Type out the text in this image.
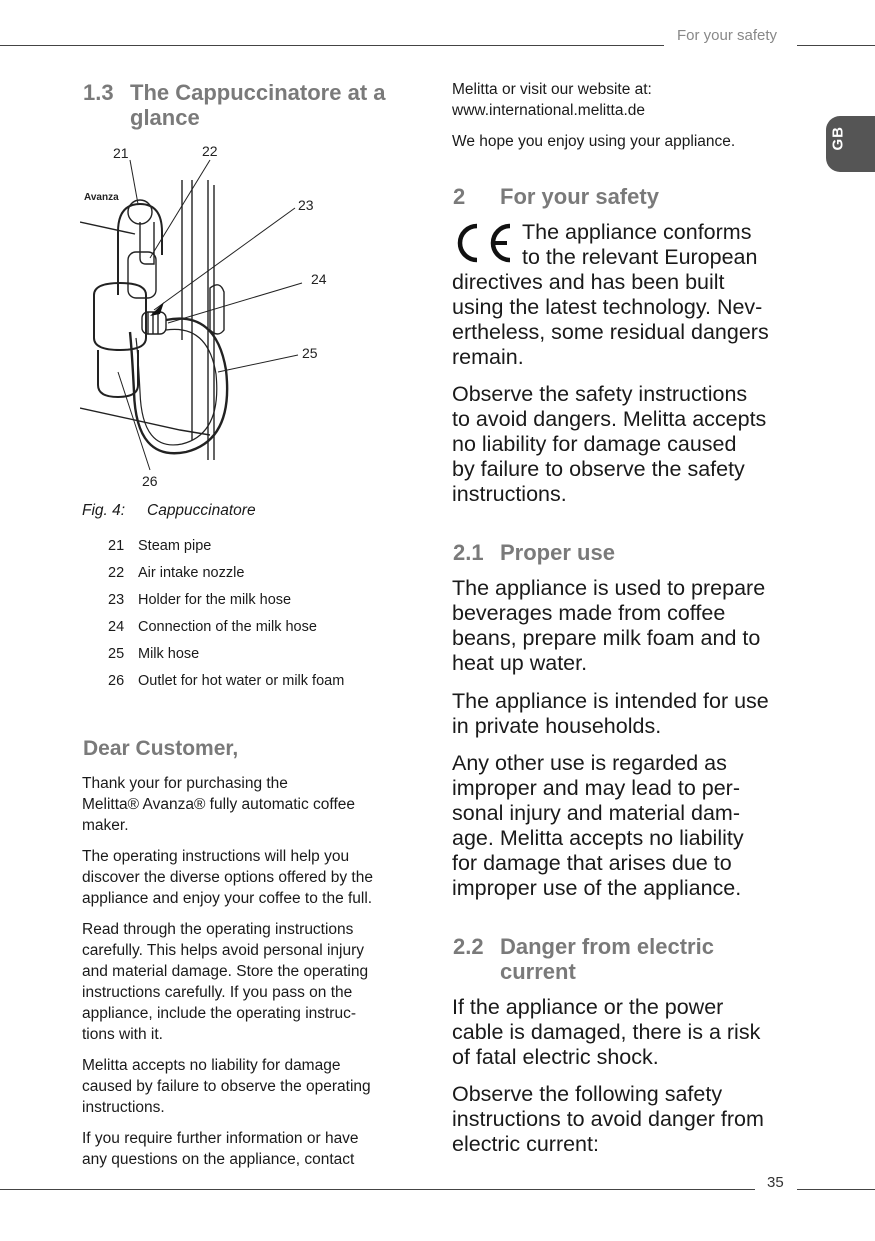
For your safety
GB
1.3 The Cappuccinatore at a
glance
Avanza
21	22
23
24
25
26
Fig. 4: Cappuccinatore
21 Steam pipe
22 Air intake nozzle
23 Holder for the milk hose
24 Connection of the milk hose
25 Milk hose
26 Outlet for hot water or milk foam
Dear Customer,

Thank your for purchasing the

Melitta® Avanza® fully automatic coffee

maker.

The operating instructions will help you

discover the diverse options offered by the

appliance and enjoy your coffee to the full.

Read through the operating instructions

carefully. This helps avoid personal injury

and material damage. Store the operating

instructions carefully. If you pass on the

appliance, include the operating instruc-

tions with it.

Melitta accepts no liability for damage

caused by failure to observe the operating

instructions.

If you require further information or have

any questions on the appliance, contact

Melitta or visit our website at:

www.international.melitta.de

We hope you enjoy using your appliance.

2 For your safety

The appliance conforms

to the relevant European

directives and has been built

using the latest technology. Nev-

ertheless, some residual dangers

remain.

Observe the safety instructions

to avoid dangers. Melitta accepts

no liability for damage caused

by failure to observe the safety

instructions.

2.1 Proper use

The appliance is used to prepare

beverages made from coffee

beans, prepare milk foam and to

heat up water.

The appliance is intended for use

in private households.

Any other use is regarded as

improper and may lead to per-

sonal injury and material dam-

age. Melitta accepts no liability

for damage that arises due to

improper use of the appliance.

2.2 Danger from electric
current

If the appliance or the power

cable is damaged, there is a risk

of fatal electric shock.

Observe the following safety

instructions to avoid danger from

electric current:

35
